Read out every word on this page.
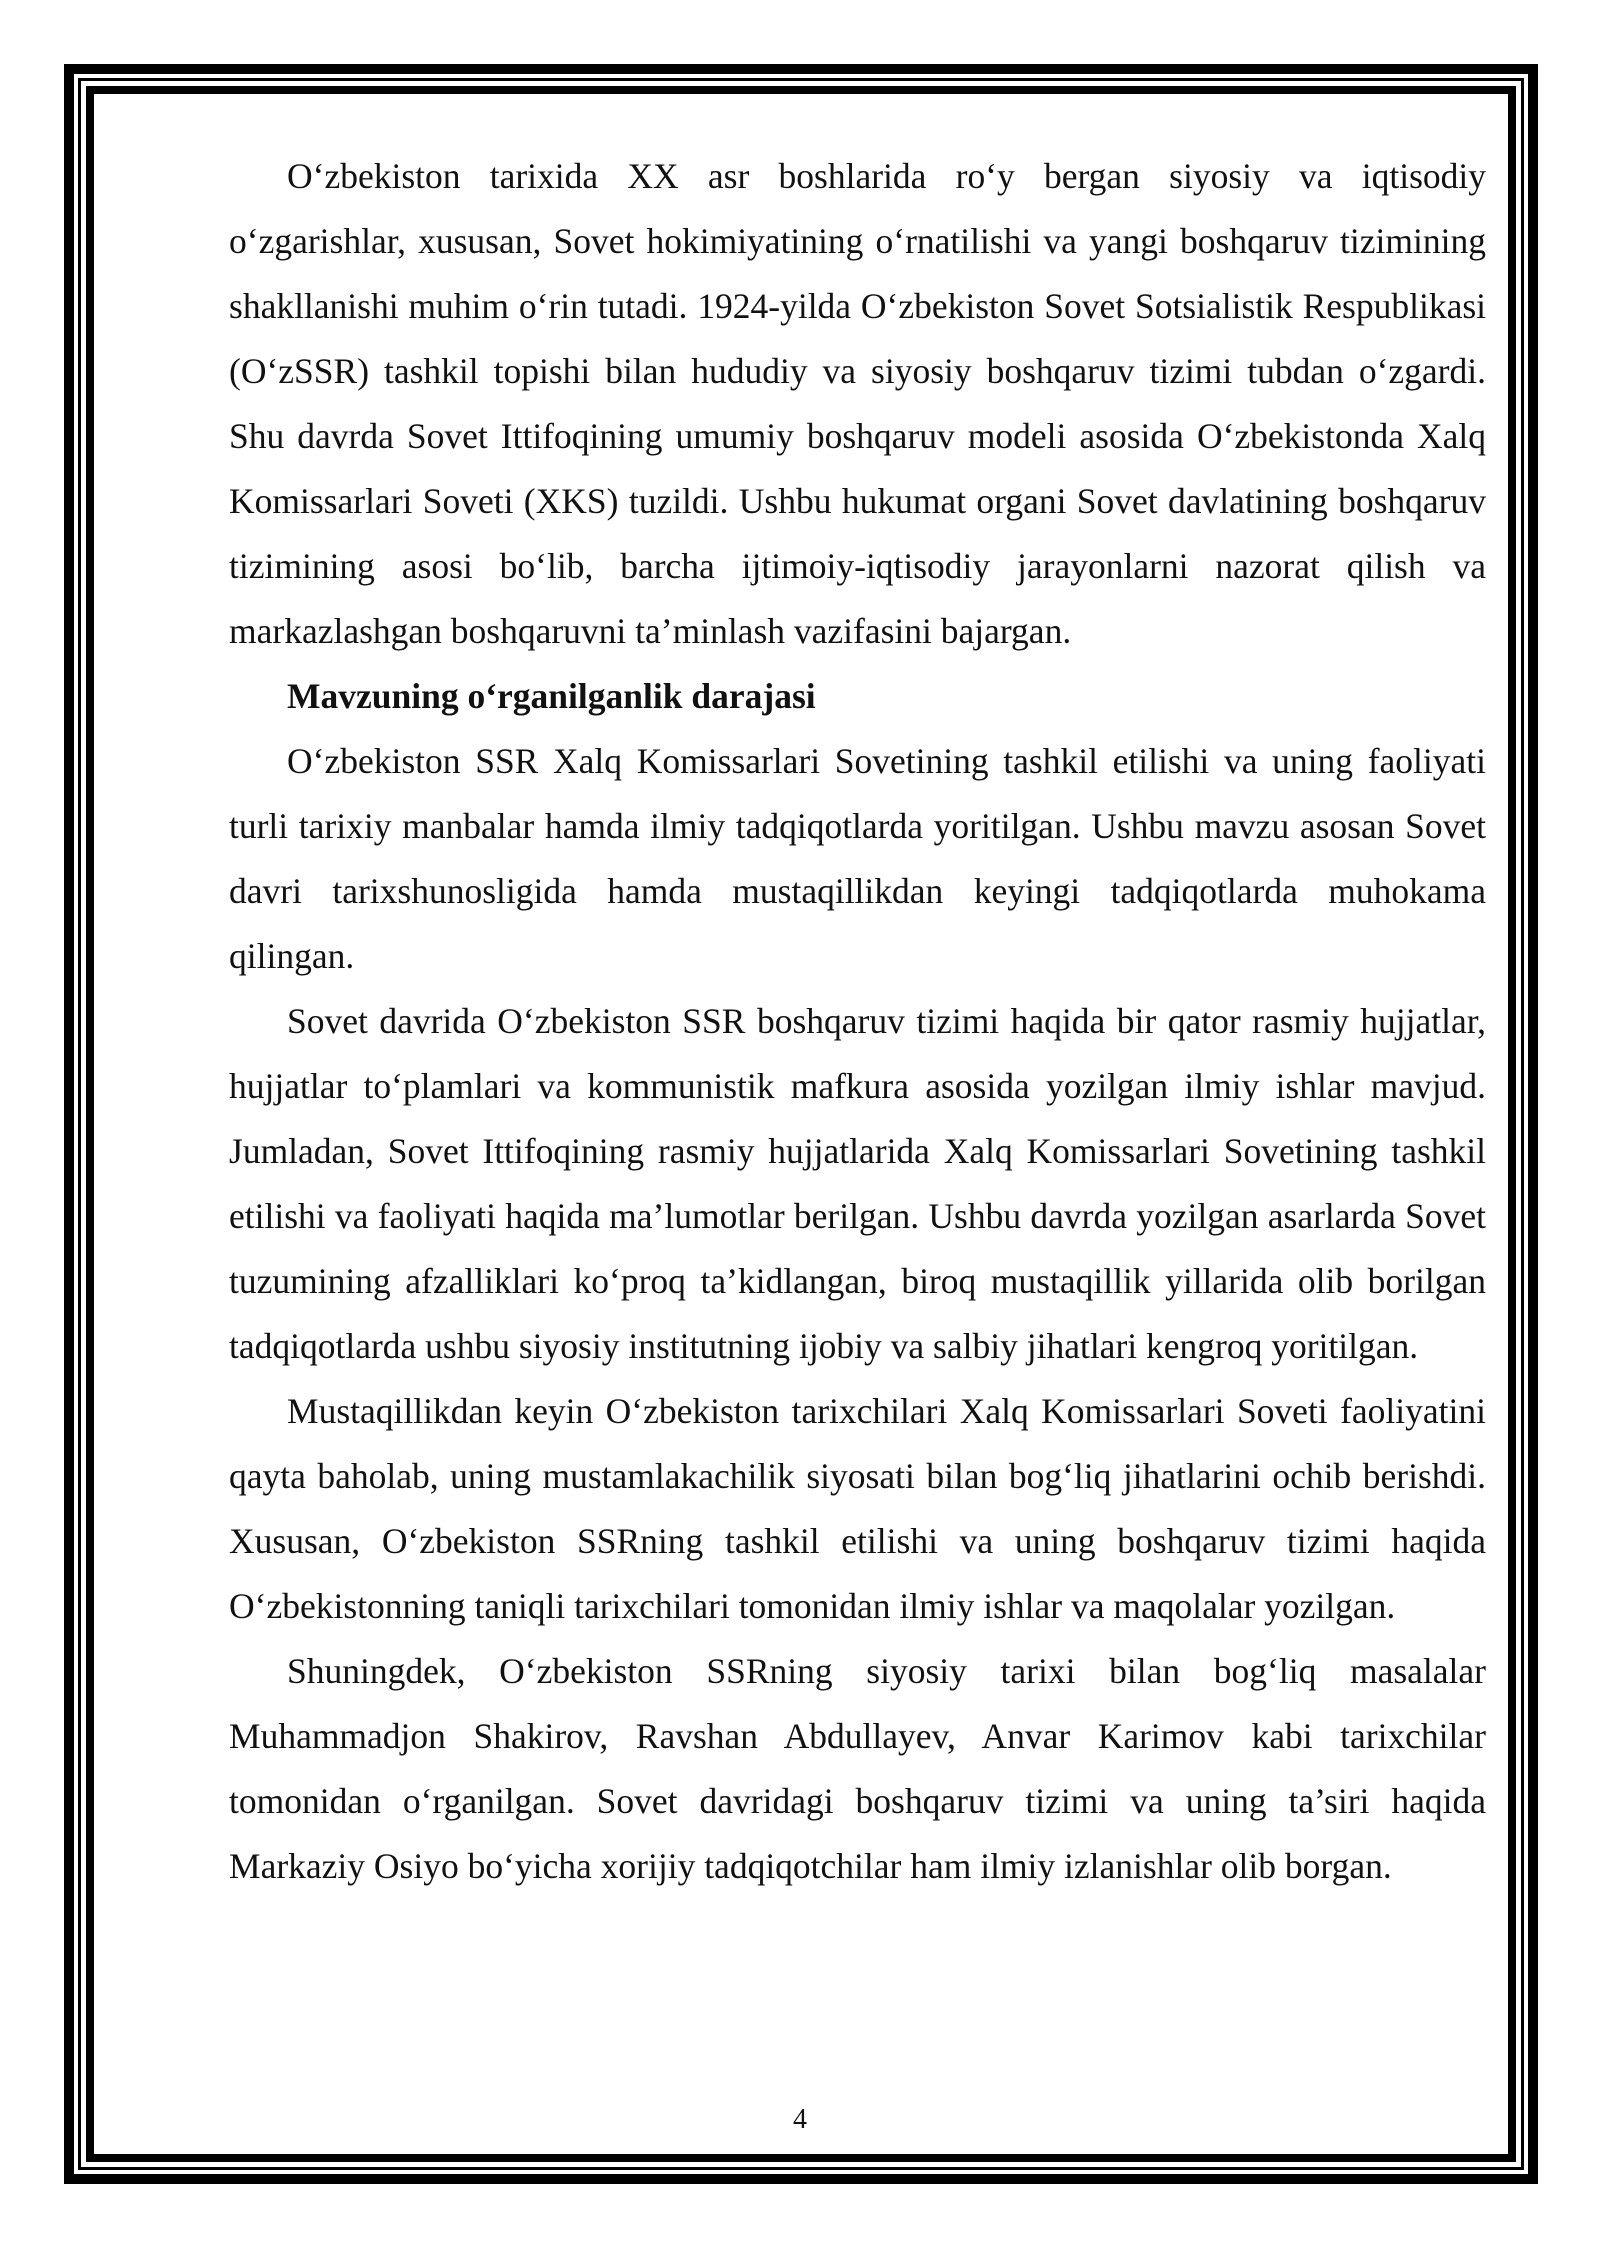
O‘zbekiston tarixida XX asr boshlarida ro‘y bergan siyosiy va iqtisodiy o‘zgarishlar, xususan, Sovet hokimiyatining o‘rnatilishi va yangi boshqaruv tizimining shakllanishi muhim o‘rin tutadi. 1924-yilda O‘zbekiston Sovet Sotsialistik Respublikasi (O‘zSSR) tashkil topishi bilan hududiy va siyosiy boshqaruv tizimi tubdan o‘zgardi. Shu davrda Sovet Ittifoqining umumiy boshqaruv modeli asosida O‘zbekistonda Xalq Komissarlari Soveti (XKS) tuzildi. Ushbu hukumat organi Sovet davlatining boshqaruv tizimining asosi bo‘lib, barcha ijtimoiy-iqtisodiy jarayonlarni nazorat qilish va markazlashgan boshqaruvni ta’minlash vazifasini bajargan.

Mavzuning o‘rganilganlik darajasi

O‘zbekiston SSR Xalq Komissarlari Sovetining tashkil etilishi va uning faoliyati turli tarixiy manbalar hamda ilmiy tadqiqotlarda yoritilgan. Ushbu mavzu asosan Sovet davri tarixshunosligida hamda mustaqillikdan keyingi tadqiqotlarda muhokama qilingan.

Sovet davrida O‘zbekiston SSR boshqaruv tizimi haqida bir qator rasmiy hujjatlar, hujjatlar to‘plamlari va kommunistik mafkura asosida yozilgan ilmiy ishlar mavjud. Jumladan, Sovet Ittifoqining rasmiy hujjatlarida Xalq Komissarlari Sovetining tashkil etilishi va faoliyati haqida ma’lumotlar berilgan. Ushbu davrda yozilgan asarlarda Sovet tuzumining afzalliklari ko‘proq ta’kidlangan, biroq mustaqillik yillarida olib borilgan tadqiqotlarda ushbu siyosiy institutning ijobiy va salbiy jihatlari kengroq yoritilgan.

Mustaqillikdan keyin O‘zbekiston tarixchilari Xalq Komissarlari Soveti faoliyatini qayta baholab, uning mustamlakachilik siyosati bilan bog‘liq jihatlarini ochib berishdi. Xususan, O‘zbekiston SSRning tashkil etilishi va uning boshqaruv tizimi haqida O‘zbekistonning taniqli tarixchilari tomonidan ilmiy ishlar va maqolalar yozilgan.

Shuningdek, O‘zbekiston SSRning siyosiy tarixi bilan bog‘liq masalalar Muhammadjon Shakirov, Ravshan Abdullayev, Anvar Karimov kabi tarixchilar tomonidan o‘rganilgan. Sovet davridagi boshqaruv tizimi va uning ta’siri haqida Markaziy Osiyo bo‘yicha xorijiy tadqiqotchilar ham ilmiy izlanishlar olib borgan.

4
